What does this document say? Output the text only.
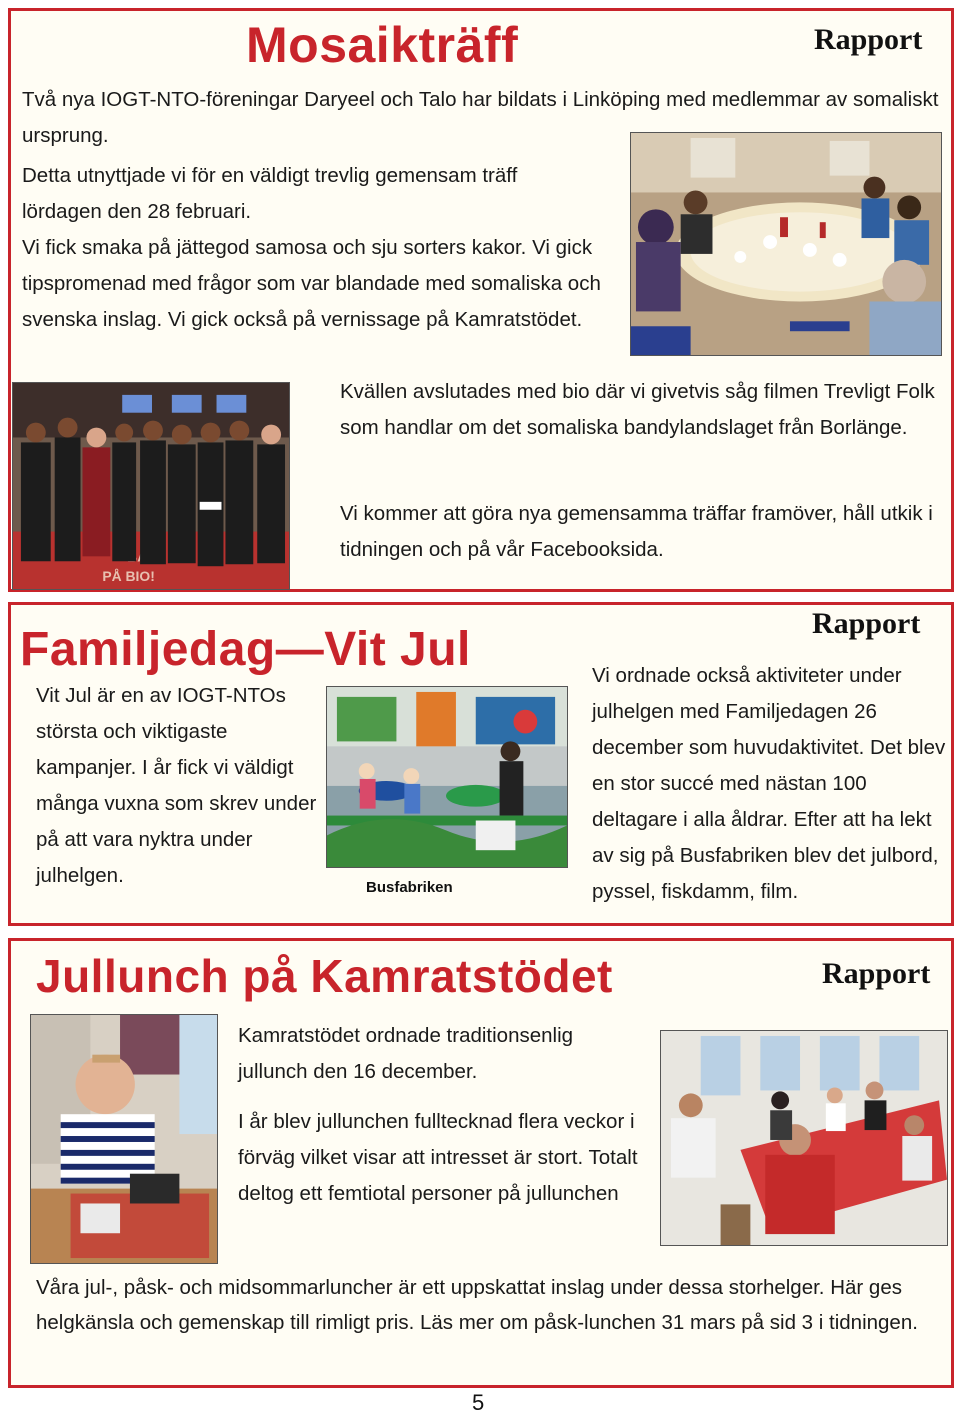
Mosaikträff	Rapport

Två nya IOGT-NTO-föreningar Daryeel och Talo har bildats i Linköping med medlemmar av somaliskt ursprung.

Detta utnyttjade vi för en väldigt trevlig gemensam träff lördagen den 28 februari.

Vi fick smaka på jättegod samosa och sju sorters kakor. Vi gick tipspromenad med frågor som var blandade med somaliska och svenska inslag. Vi gick också på vernissage på Kamratstödet.

PÅ BIO!

Kvällen avslutades med bio där vi givetvis såg filmen Trevligt Folk som handlar om det somaliska bandylandslaget från Borlänge.

Vi kommer att göra nya gemensamma träffar framöver, håll utkik i tidningen och på vår Facebooksida.

Familjedag—Vit Jul	Rapport

Vit Jul är en av IOGT-NTOs största och viktigaste kampanjer. I år fick vi väldigt många vuxna som skrev under på att vara nyktra under julhelgen.

Busfabriken

Vi ordnade också aktiviteter under julhelgen med Familjedagen 26 december som huvudaktivitet. Det blev en stor succé med nästan 100 deltagare i alla åldrar. Efter att ha lekt av sig på Busfabriken blev det julbord, pyssel, fiskdamm, film.

Jullunch på Kamratstödet	Rapport

Kamratstödet ordnade traditionsenlig jullunch den 16 december.

I år blev jullunchen fulltecknad flera veckor i förväg vilket visar att intresset är stort. Totalt deltog ett femtiotal personer på jullunchen

Våra jul-, påsk- och midsommarluncher är ett uppskattat inslag under dessa storhelger. Här ges helgkänsla och gemenskap till rimligt pris. Läs mer om påsk-lunchen 31 mars på sid 3 i tidningen.

5
